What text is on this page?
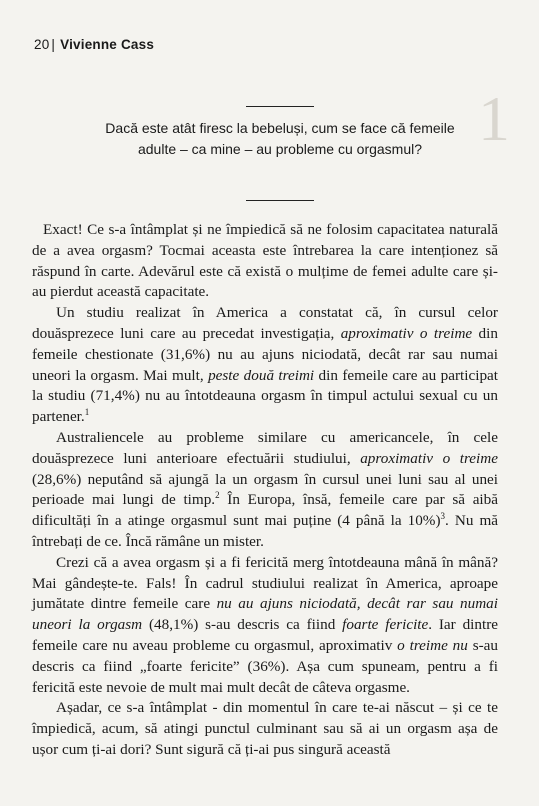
1

20 | Vivienne Cass
Dacă este atât firesc la bebeluși, cum se face că femeile adulte – ca mine – au probleme cu orgasmul?

Exact! Ce s-a întâmplat și ne împiedică să ne folosim capacitatea naturală de a avea orgasm? Tocmai aceasta este întrebarea la care intenționez să răspund în carte. Adevărul este că există o mulțime de femei adulte care și-au pierdut această capacitate.

Un studiu realizat în America a constatat că, în cursul celor douăsprezece luni care au precedat investigația, aproximativ o treime din femeile chestionate (31,6%) nu au ajuns niciodată, decât rar sau numai uneori la orgasm. Mai mult, peste două treimi din femeile care au participat la studiu (71,4%) nu au întotdeauna orgasm în timpul actului sexual cu un partener.$^1$

Australiencele au probleme similare cu americancele, în cele douăsprezece luni anterioare efectuării studiului, aproximativ o treime (28,6%) neputând să ajungă la un orgasm în cursul unei luni sau al unei perioade mai lungi de timp.$^2$ În Europa, însă, femeile care par să aibă dificultăți în a atinge orgasmul sunt mai puține (4 până la 10%)$^3$. Nu mă întrebați de ce. Încă rămâne un mister.

Crezi că a avea orgasm și a fi fericită merg întotdeauna mână în mână? Mai gândește-te. Fals! În cadrul studiului realizat în America, aproape jumătate dintre femeile care nu au ajuns niciodată, decât rar sau numai uneori la orgasm (48,1%) s-au descris ca fiind foarte fericite. Iar dintre femeile care nu aveau probleme cu orgasmul, aproximativ o treime nu s-au descris ca fiind „foarte fericite” (36%). Așa cum spuneam, pentru a fi fericită este nevoie de mult mai mult decât de câteva orgasme.

Așadar, ce s-a întâmplat - din momentul în care te-ai născut – și ce te împiedică, acum, să atingi punctul culminant sau să ai un orgasm așa de ușor cum ți-ai dori? Sunt sigură că ți-ai pus singură această
